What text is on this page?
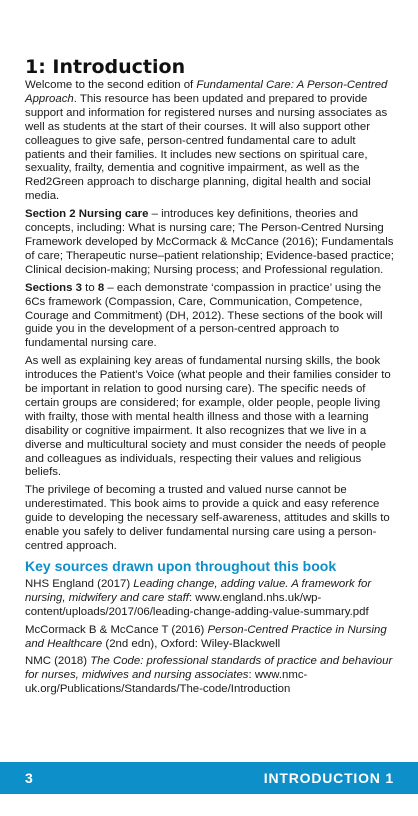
1: Introduction

Welcome to the second edition of Fundamental Care: A Person-Centred Approach. This resource has been updated and prepared to provide support and information for registered nurses and nursing associates as well as students at the start of their courses. It will also support other colleagues to give safe, person-centred fundamental care to adult patients and their families. It includes new sections on spiritual care, sexuality, frailty, dementia and cognitive impairment, as well as the Red2Green approach to discharge planning, digital health and social media.

Section 2 Nursing care – introduces key definitions, theories and concepts, including: What is nursing care; The Person-Centred Nursing Framework developed by McCormack & McCance (2016); Fundamentals of care; Therapeutic nurse–patient relationship; Evidence-based practice; Clinical decision-making; Nursing process; and Professional regulation.

Sections 3 to 8 – each demonstrate ‘compassion in practice’ using the 6Cs framework (Compassion, Care, Communication, Competence, Courage and Commitment) (DH, 2012). These sections of the book will guide you in the development of a person-centred approach to fundamental nursing care.

As well as explaining key areas of fundamental nursing skills, the book introduces the Patient’s Voice (what people and their families consider to be important in relation to good nursing care). The specific needs of certain groups are considered; for example, older people, people living with frailty, those with mental health illness and those with a learning disability or cognitive impairment. It also recognizes that we live in a diverse and multicultural society and must consider the needs of people and colleagues as individuals, respecting their values and religious beliefs.

The privilege of becoming a trusted and valued nurse cannot be underestimated. This book aims to provide a quick and easy reference guide to developing the necessary self-awareness, attitudes and skills to enable you safely to deliver fundamental nursing care using a person-centred approach.

Key sources drawn upon throughout this book

NHS England (2017) Leading change, adding value. A framework for nursing, midwifery and care staff: www.england.nhs.uk/wp-content/uploads/2017/06/leading-change-adding-value-summary.pdf

McCormack B & McCance T (2016) Person-Centred Practice in Nursing and Healthcare (2nd edn), Oxford: Wiley-Blackwell

NMC (2018) The Code: professional standards of practice and behaviour for nurses, midwives and nursing associates: www.nmc-uk.org/Publications/Standards/The-code/Introduction

3	INTRODUCTION 1
